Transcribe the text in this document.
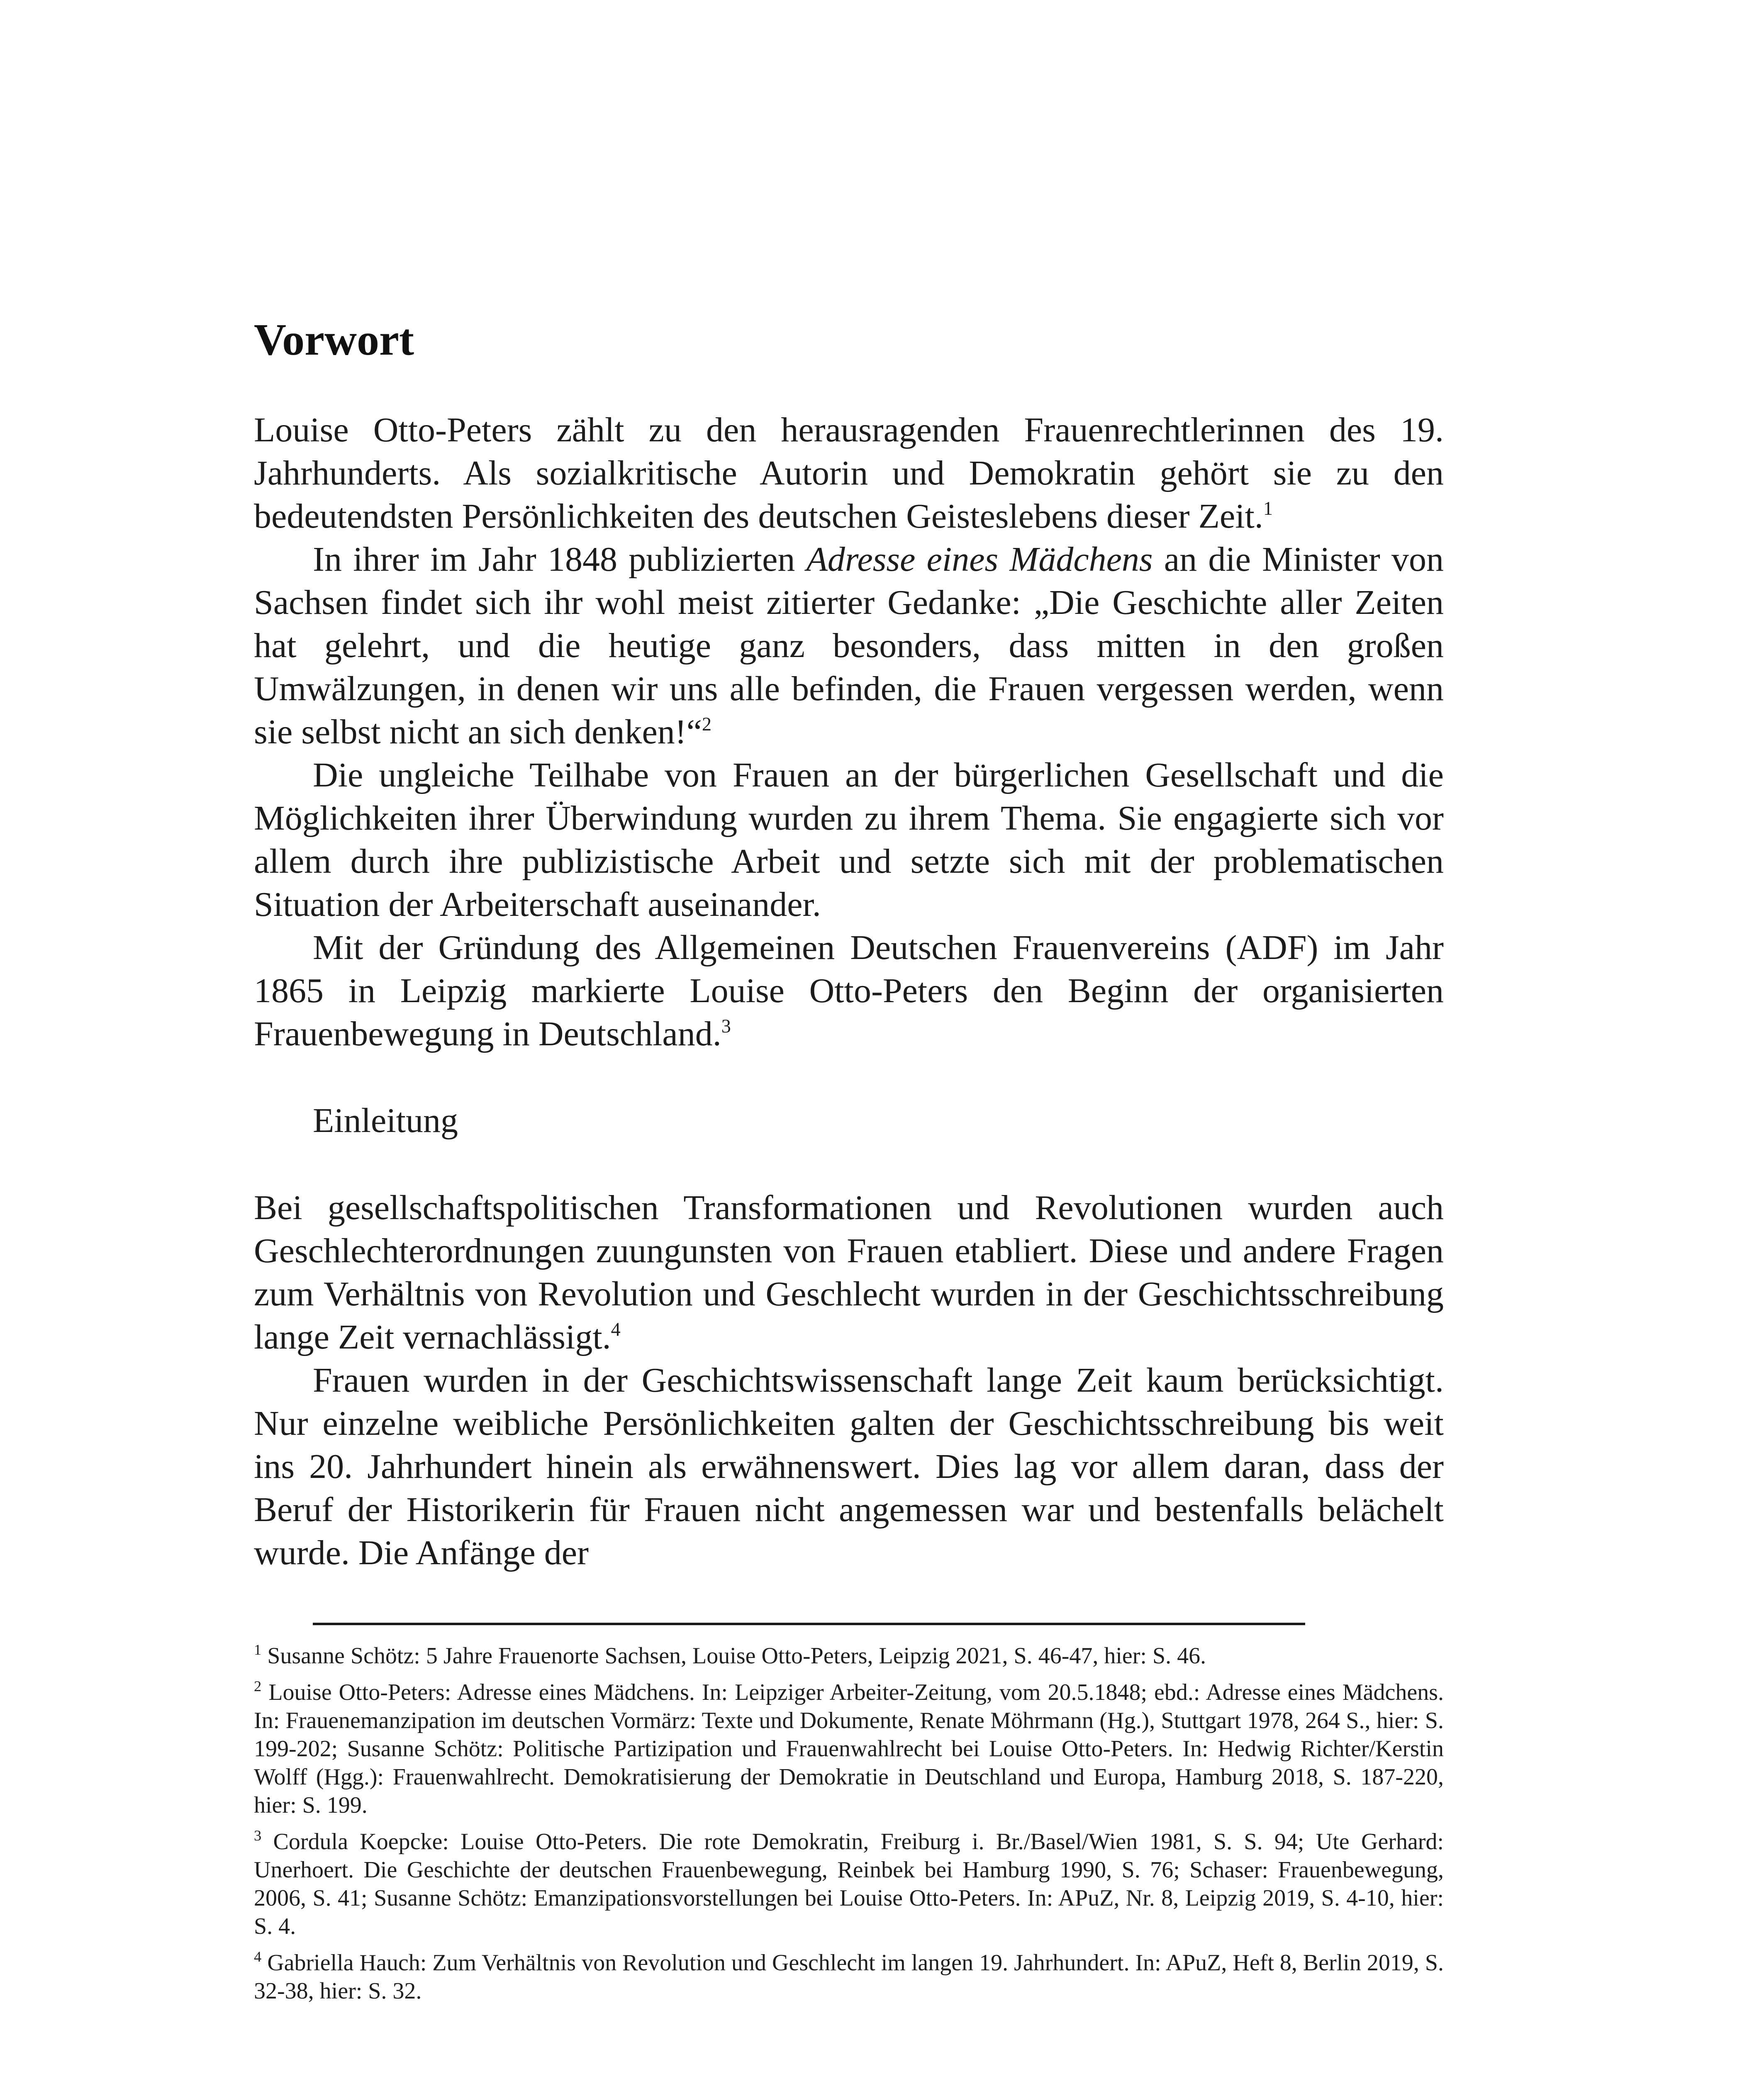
Vorwort

Louise Otto-Peters zählt zu den herausragenden Frauenrechtlerinnen des 19. Jahrhunderts. Als sozialkritische Autorin und Demokratin gehört sie zu den bedeutendsten Persönlichkeiten des deutschen Geisteslebens dieser Zeit.$^1$

In ihrer im Jahr 1848 publizierten Adresse eines Mädchens an die Minister von Sachsen findet sich ihr wohl meist zitierter Gedanke: „Die Geschichte aller Zeiten hat gelehrt, und die heutige ganz besonders, dass mitten in den großen Umwälzungen, in denen wir uns alle befinden, die Frauen vergessen werden, wenn sie selbst nicht an sich denken!“$^2$

Die ungleiche Teilhabe von Frauen an der bürgerlichen Gesellschaft und die Möglichkeiten ihrer Überwindung wurden zu ihrem Thema. Sie engagierte sich vor allem durch ihre publizistische Arbeit und setzte sich mit der problematischen Situation der Arbeiterschaft auseinander.

Mit der Gründung des Allgemeinen Deutschen Frauenvereins (ADF) im Jahr 1865 in Leipzig markierte Louise Otto-Peters den Beginn der organisierten Frauenbewegung in Deutschland.$^3$

Einleitung

Bei gesellschaftspolitischen Transformationen und Revolutionen wurden auch Geschlechterordnungen zuungunsten von Frauen etabliert. Diese und andere Fragen zum Verhältnis von Revolution und Geschlecht wurden in der Geschichtsschreibung lange Zeit vernachlässigt.$^4$

Frauen wurden in der Geschichtswissenschaft lange Zeit kaum berücksichtigt. Nur einzelne weibliche Persönlichkeiten galten der Geschichtsschreibung bis weit ins 20. Jahrhundert hinein als erwähnenswert. Dies lag vor allem daran, dass der Beruf der Historikerin für Frauen nicht angemessen war und bestenfalls belächelt wurde. Die Anfänge der

$^1$ Susanne Schötz: 5 Jahre Frauenorte Sachsen, Louise Otto-Peters, Leipzig 2021, S. 46-47, hier: S. 46.

$^2$ Louise Otto-Peters: Adresse eines Mädchens. In: Leipziger Arbeiter-Zeitung, vom 20.5.1848; ebd.: Adresse eines Mädchens. In: Frauenemanzipation im deutschen Vormärz: Texte und Dokumente, Renate Möhrmann (Hg.), Stuttgart 1978, 264 S., hier: S. 199-202; Susanne Schötz: Politische Partizipation und Frauenwahlrecht bei Louise Otto-Peters. In: Hedwig Richter/Kerstin Wolff (Hgg.): Frauenwahlrecht. Demokratisierung der Demokratie in Deutschland und Europa, Hamburg 2018, S. 187-220, hier: S. 199.

$^3$ Cordula Koepcke: Louise Otto-Peters. Die rote Demokratin, Freiburg i. Br./Basel/Wien 1981, S. S. 94; Ute Gerhard: Unerhoert. Die Geschichte der deutschen Frauenbewegung, Reinbek bei Hamburg 1990, S. 76; Schaser: Frauenbewegung, 2006, S. 41; Susanne Schötz: Emanzipationsvorstellungen bei Louise Otto-Peters. In: APuZ, Nr. 8, Leipzig 2019, S. 4-10, hier: S. 4.

$^4$ Gabriella Hauch: Zum Verhältnis von Revolution und Geschlecht im langen 19. Jahrhundert. In: APuZ, Heft 8, Berlin 2019, S. 32-38, hier: S. 32.
